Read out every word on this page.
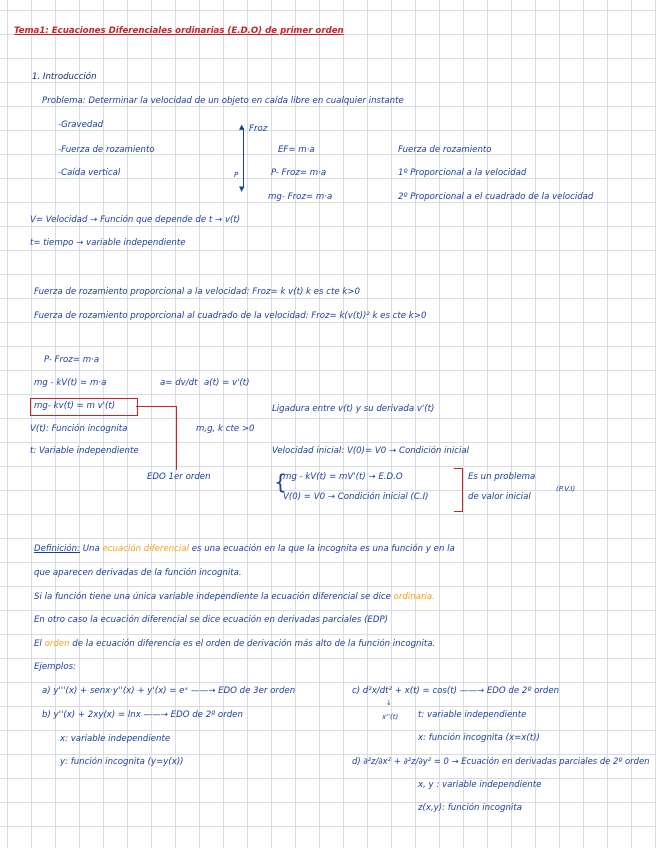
Tema1: Ecuaciones Diferenciales ordinarias (E.D.O) de primer orden
1. Introducción
Problema: Determinar la velocidad de un objeto en caída libre en cualquier instante
-Gravedad
-Fuerza de rozamiento
-Caída vertical
▲
▼
Froz
P
EF= m·a
P- Froz= m·a
mg- Froz= m·a
Fuerza de rozamiento
1º Proporcional a la velocidad
2º Proporcional a el cuadrado de la velocidad
V= Velocidad → Función que depende de t → v(t)
t= tiempo → variable independiente
Fuerza de rozamiento proporcional a la velocidad: Froz= k v(t) k es cte k>0
Fuerza de rozamiento proporcional al cuadrado de la velocidad: Froz= k(v(t))² k es cte k>0
P- Froz= m·a
mg - kV(t) = m·a	a= dv/dt a(t) = v'(t)
mg- kv(t) = m v'(t)	Ligadura entre v(t) y su derivada v'(t)
V(t): Función incognita	m,g, k cte >0
t: Variable independiente	Velocidad inicial: V(0)= V0 → Condición inicial
EDO 1er orden	{
mg - kV(t) = mV'(t) → E.D.O
V(0) = V0 → Condición inicial (C.I)
Es un problema
de valor inicial
(P.V.I)
Definición: Una ecuación diferencial es una ecuación en la que la incognita es una función y en la
que aparecen derivadas de la función incognita.
Si la función tiene una única variable independiente la ecuación diferencial se dice ordinaria.
En otro caso la ecuación diferencial se dice ecuación en derivadas parciales (EDP)
El orden de la ecuación diferencia es el orden de derivación más alto de la función incognita.
Ejemplos:
a) y'''(x) + senx·y''(x) + y'(x) = eˣ ——→ EDO de 3er orden
b) y''(x) + 2xy(x) = lnx ——→ EDO de 2º orden
x: variable independiente
y: función incognita (y=y(x))
c) d²x/dt² + x(t) = cos(t) ——→ EDO de 2º orden
↓
x''(t) t: variable independiente
x: función incognita (x=x(t))
d) ∂²z/∂x² + ∂²z/∂y² = 0 → Ecuación en derivadas parciales de 2º orden
x, y : variable independiente
z(x,y): función incognita
